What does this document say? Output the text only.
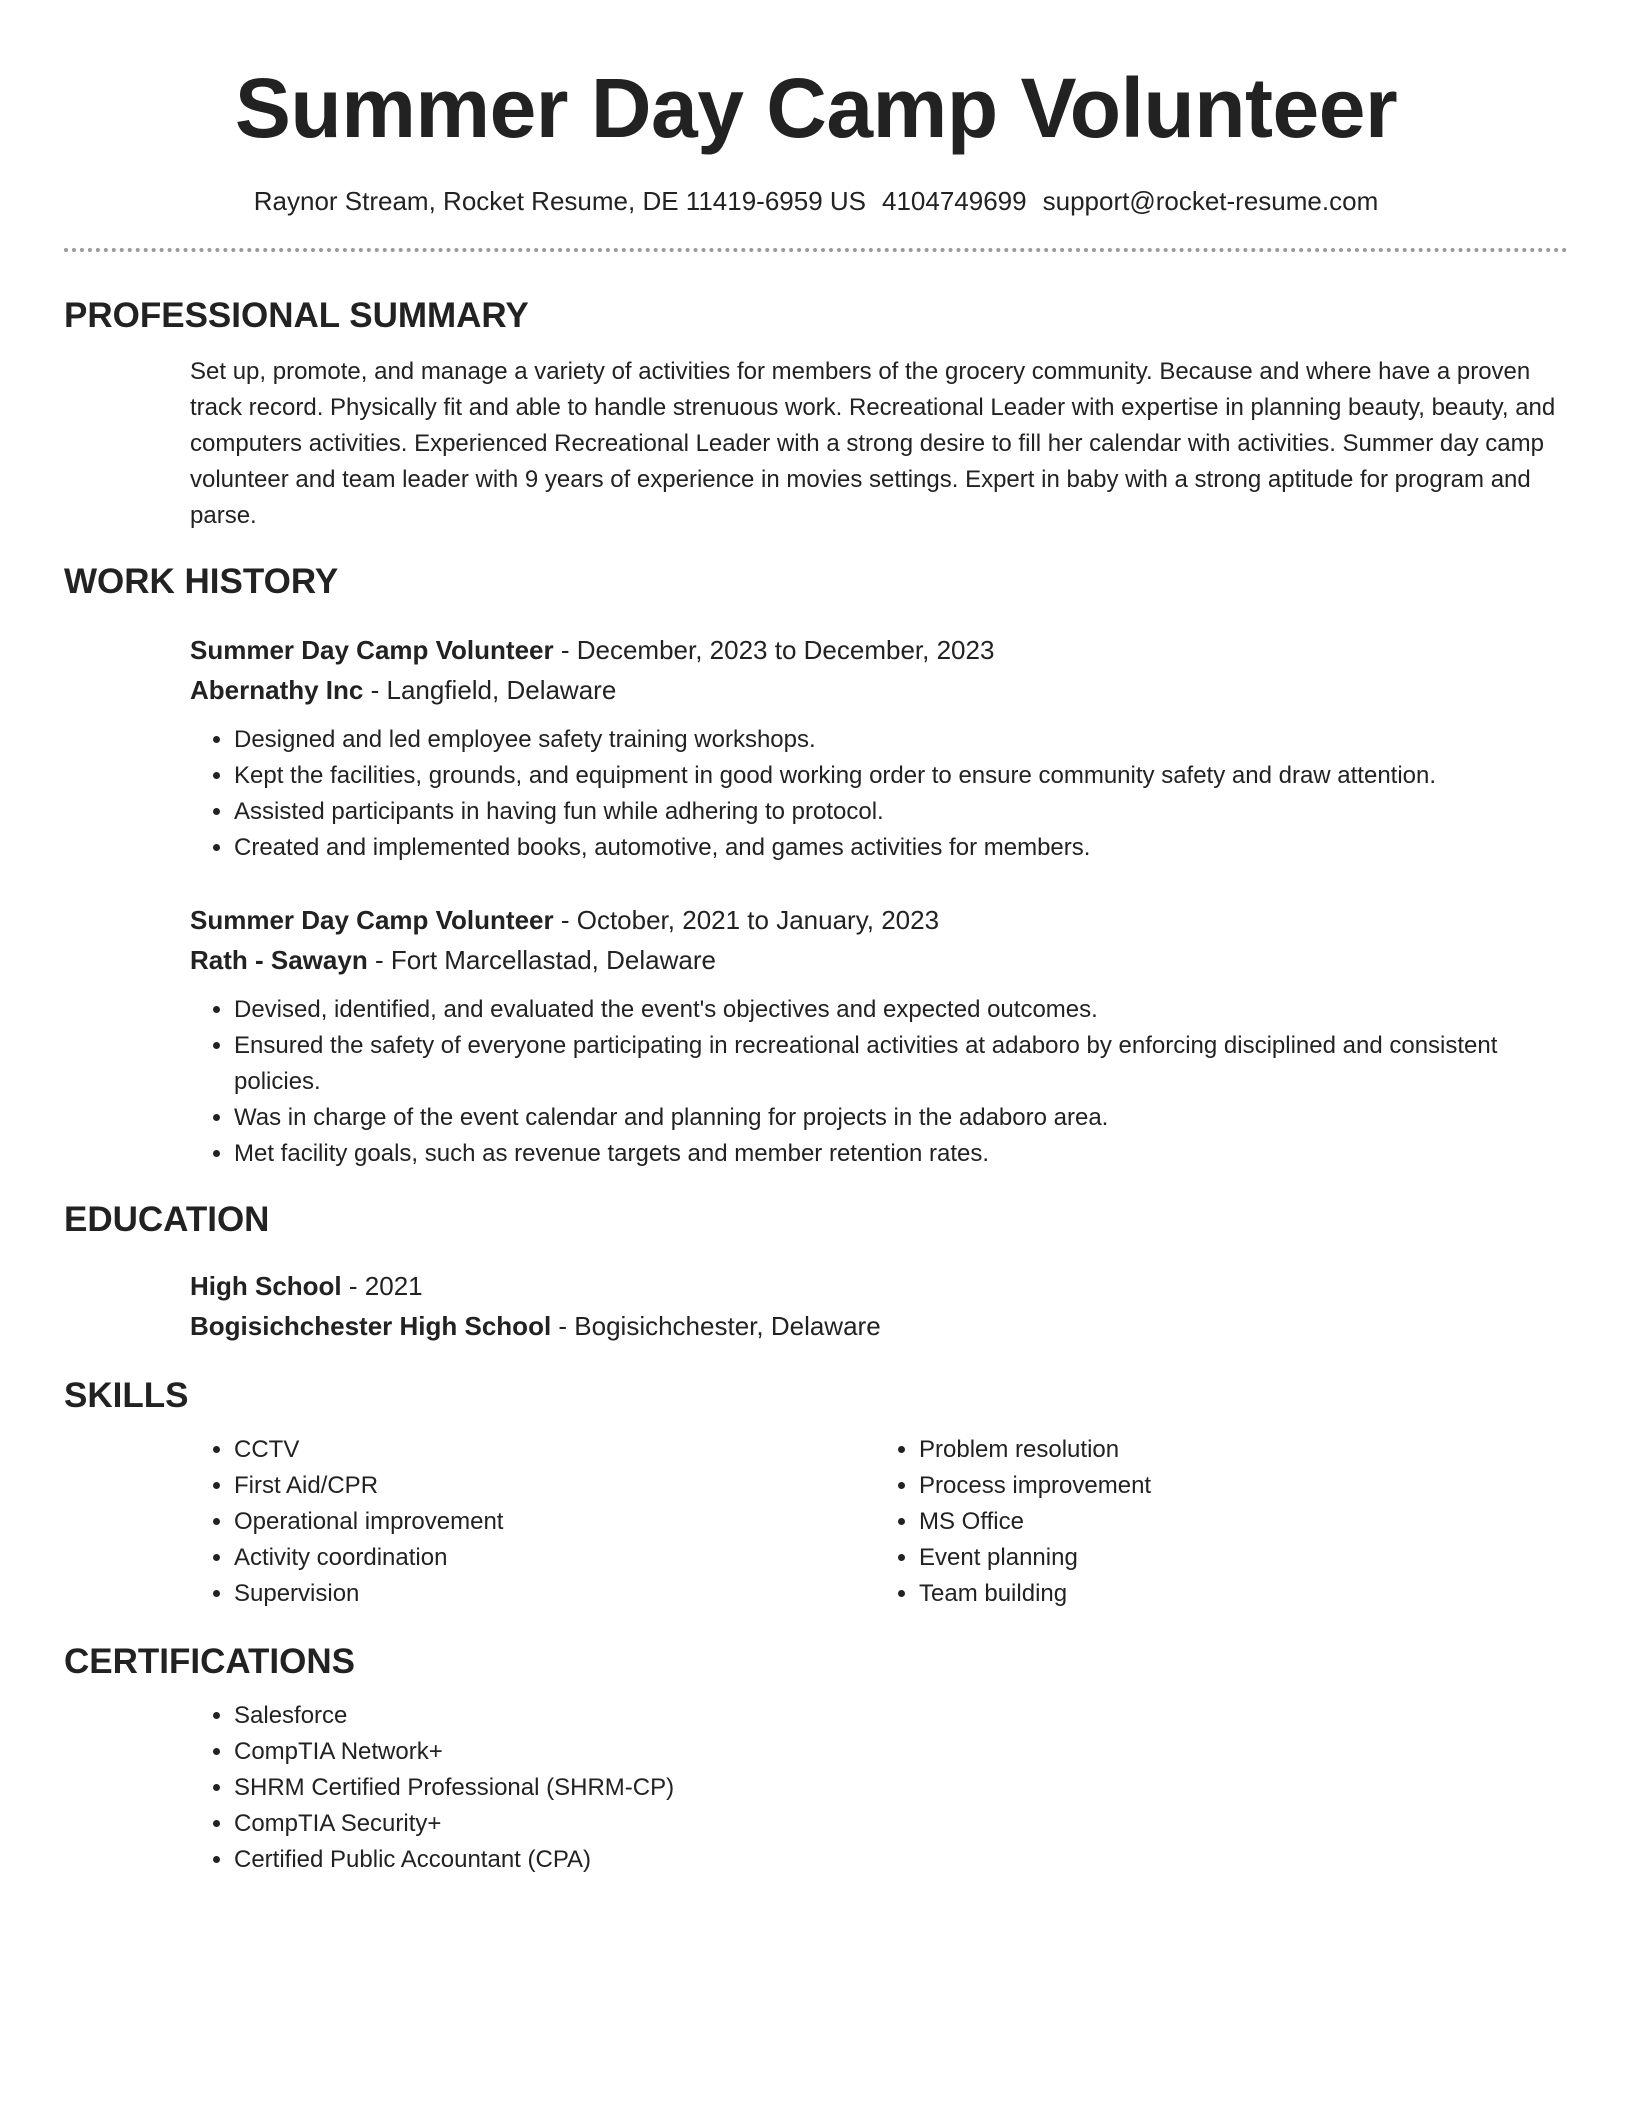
Summer Day Camp Volunteer
Raynor Stream, Rocket Resume, DE 11419-6959 US 4104749699 support@rocket-resume.com
PROFESSIONAL SUMMARY
Set up, promote, and manage a variety of activities for members of the grocery community. Because and where have a proven track record. Physically fit and able to handle strenuous work. Recreational Leader with expertise in planning beauty, beauty, and computers activities. Experienced Recreational Leader with a strong desire to fill her calendar with activities. Summer day camp volunteer and team leader with 9 years of experience in movies settings. Expert in baby with a strong aptitude for program and parse.
WORK HISTORY
Summer Day Camp Volunteer - December, 2023 to December, 2023
Abernathy Inc - Langfield, Delaware
• Designed and led employee safety training workshops.
• Kept the facilities, grounds, and equipment in good working order to ensure community safety and draw attention.
• Assisted participants in having fun while adhering to protocol.
• Created and implemented books, automotive, and games activities for members.
Summer Day Camp Volunteer - October, 2021 to January, 2023
Rath - Sawayn - Fort Marcellastad, Delaware
• Devised, identified, and evaluated the event's objectives and expected outcomes.
• Ensured the safety of everyone participating in recreational activities at adaboro by enforcing disciplined and consistent policies.
• Was in charge of the event calendar and planning for projects in the adaboro area.
• Met facility goals, such as revenue targets and member retention rates.
EDUCATION
High School - 2021
Bogisichchester High School - Bogisichchester, Delaware
SKILLS
• CCTV
• First Aid/CPR
• Operational improvement
• Activity coordination
• Supervision
• Problem resolution
• Process improvement
• MS Office
• Event planning
• Team building
CERTIFICATIONS
• Salesforce
• CompTIA Network+
• SHRM Certified Professional (SHRM-CP)
• CompTIA Security+
• Certified Public Accountant (CPA)
